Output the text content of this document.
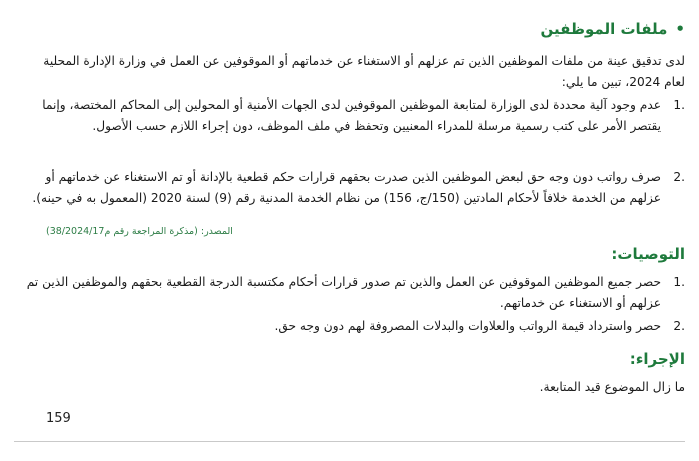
•ملفات الموظفين
لدى تدقيق عينة من ملفات الموظفين الذين تم عزلهم أو الاستغناء عن خدماتهم أو الموقوفين عن العمل في وزارة الإدارة المحلية لعام 2024، تبين ما يلي:
.1
عدم وجود آلية محددة لدى الوزارة لمتابعة الموظفين الموقوفين لدى الجهات الأمنية أو المحولين إلى المحاكم المختصة، وإنما يقتصر الأمر على كتب رسمية مرسلة للمدراء المعنيين وتحفظ في ملف الموظف، دون إجراء اللازم حسب الأصول.
.2
صرف رواتب دون وجه حق لبعض الموظفين الذين صدرت بحقهم قرارات حكم قطعية بالإدانة أو تم الاستغناء عن خدماتهم أو عزلهم من الخدمة خلافاً لأحكام المادتين (150/ج، 156) من نظام الخدمة المدنية رقم (9) لسنة 2020 (المعمول به في حينه).
المصدر: (مذكرة المراجعة رقم م38/2024/17)
التوصيات:
.1
حصر جميع الموظفين الموقوفين عن العمل والذين تم صدور قرارات أحكام مكتسبة الدرجة القطعية بحقهم والموظفين الذين تم عزلهم أو الاستغناء عن خدماتهم.
.2
حصر واسترداد قيمة الرواتب والعلاوات والبدلات المصروفة لهم دون وجه حق.
الإجراء:
ما زال الموضوع قيد المتابعة.
159
